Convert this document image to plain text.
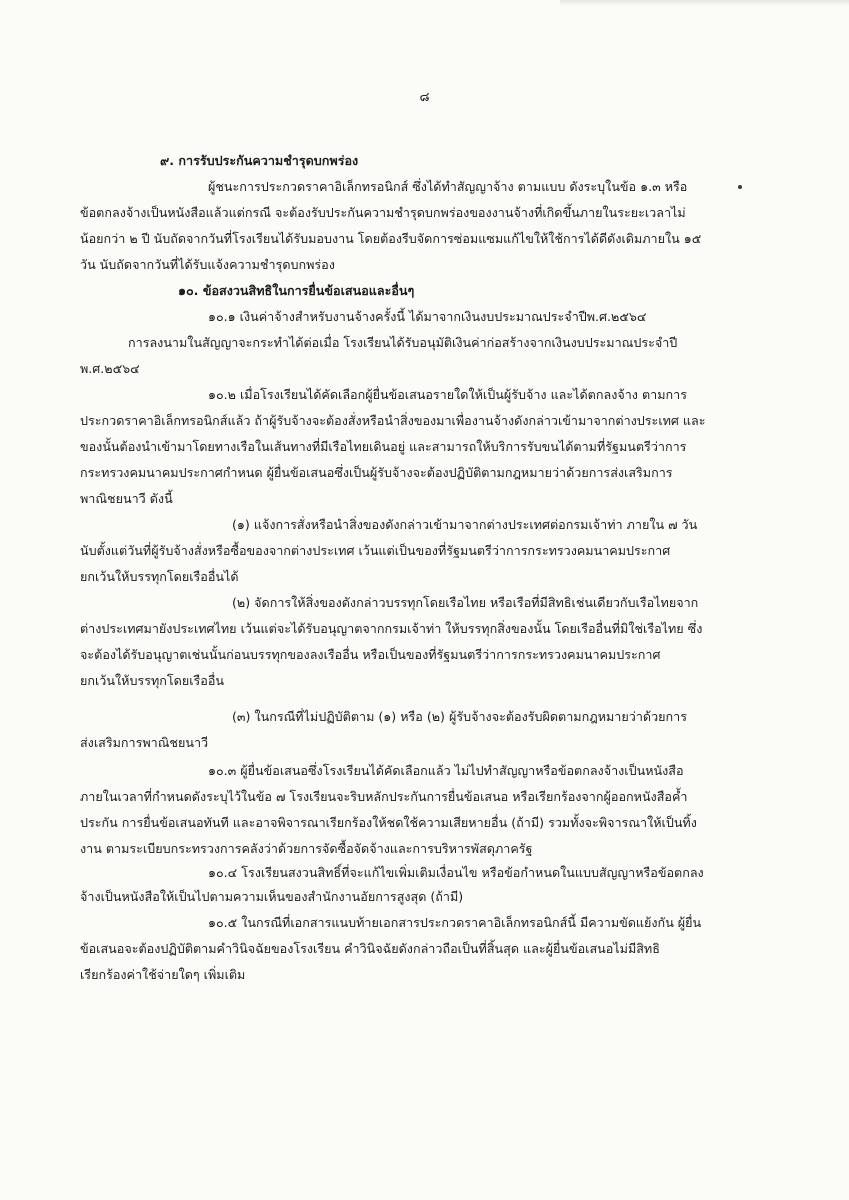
๘
๙. การรับประกันความชำรุดบกพร่อง
ผู้ชนะการประกวดราคาอิเล็กทรอนิกส์ ซึ่งได้ทำสัญญาจ้าง ตามแบบ ดังระบุในข้อ ๑.๓ หรือ
ข้อตกลงจ้างเป็นหนังสือแล้วแต่กรณี จะต้องรับประกันความชำรุดบกพร่องของงานจ้างที่เกิดขึ้นภายในระยะเวลาไม่
น้อยกว่า ๒ ปี นับถัดจากวันที่โรงเรียนได้รับมอบงาน โดยต้องรีบจัดการซ่อมแซมแก้ไขให้ใช้การได้ดีดังเดิมภายใน ๑๕
วัน นับถัดจากวันที่ได้รับแจ้งความชำรุดบกพร่อง
๑๐. ข้อสงวนสิทธิในการยื่นข้อเสนอและอื่นๆ
๑๐.๑ เงินค่าจ้างสำหรับงานจ้างครั้งนี้ ได้มาจากเงินงบประมาณประจำปีพ.ศ.๒๕๖๔
การลงนามในสัญญาจะกระทำได้ต่อเมื่อ โรงเรียนได้รับอนุมัติเงินค่าก่อสร้างจากเงินงบประมาณประจำปี
พ.ศ.๒๕๖๔
๑๐.๒ เมื่อโรงเรียนได้คัดเลือกผู้ยื่นข้อเสนอรายใดให้เป็นผู้รับจ้าง และได้ตกลงจ้าง ตามการ
ประกวดราคาอิเล็กทรอนิกส์แล้ว ถ้าผู้รับจ้างจะต้องสั่งหรือนำสิ่งของมาเพื่องานจ้างดังกล่าวเข้ามาจากต่างประเทศ และ
ของนั้นต้องนำเข้ามาโดยทางเรือในเส้นทางที่มีเรือไทยเดินอยู่ และสามารถให้บริการรับขนได้ตามที่รัฐมนตรีว่าการ
กระทรวงคมนาคมประกาศกำหนด ผู้ยื่นข้อเสนอซึ่งเป็นผู้รับจ้างจะต้องปฏิบัติตามกฎหมายว่าด้วยการส่งเสริมการ
พาณิชยนาวี ดังนี้
(๑) แจ้งการสั่งหรือนำสิ่งของดังกล่าวเข้ามาจากต่างประเทศต่อกรมเจ้าท่า ภายใน ๗ วัน
นับตั้งแต่วันที่ผู้รับจ้างสั่งหรือซื้อของจากต่างประเทศ เว้นแต่เป็นของที่รัฐมนตรีว่าการกระทรวงคมนาคมประกาศ
ยกเว้นให้บรรทุกโดยเรืออื่นได้
(๒) จัดการให้สิ่งของดังกล่าวบรรทุกโดยเรือไทย หรือเรือที่มีสิทธิเช่นเดียวกับเรือไทยจาก
ต่างประเทศมายังประเทศไทย เว้นแต่จะได้รับอนุญาตจากกรมเจ้าท่า ให้บรรทุกสิ่งของนั้น โดยเรืออื่นที่มิใช่เรือไทย ซึ่ง
จะต้องได้รับอนุญาตเช่นนั้นก่อนบรรทุกของลงเรืออื่น หรือเป็นของที่รัฐมนตรีว่าการกระทรวงคมนาคมประกาศ
ยกเว้นให้บรรทุกโดยเรืออื่น
(๓) ในกรณีที่ไม่ปฏิบัติตาม (๑) หรือ (๒) ผู้รับจ้างจะต้องรับผิดตามกฎหมายว่าด้วยการ
ส่งเสริมการพาณิชยนาวี
๑๐.๓ ผู้ยื่นข้อเสนอซึ่งโรงเรียนได้คัดเลือกแล้ว ไม่ไปทำสัญญาหรือข้อตกลงจ้างเป็นหนังสือ
ภายในเวลาที่กำหนดดังระบุไว้ในข้อ ๗ โรงเรียนจะริบหลักประกันการยื่นข้อเสนอ หรือเรียกร้องจากผู้ออกหนังสือค้ำ
ประกัน การยื่นข้อเสนอทันที และอาจพิจารณาเรียกร้องให้ชดใช้ความเสียหายอื่น (ถ้ามี) รวมทั้งจะพิจารณาให้เป็นทิ้ง
งาน ตามระเบียบกระทรวงการคลังว่าด้วยการจัดซื้อจัดจ้างและการบริหารพัสดุภาครัฐ
๑๐.๔ โรงเรียนสงวนสิทธิ์ที่จะแก้ไขเพิ่มเติมเงื่อนไข หรือข้อกำหนดในแบบสัญญาหรือข้อตกลง
จ้างเป็นหนังสือให้เป็นไปตามความเห็นของสำนักงานอัยการสูงสุด (ถ้ามี)
๑๐.๕ ในกรณีที่เอกสารแนบท้ายเอกสารประกวดราคาอิเล็กทรอนิกส์นี้ มีความขัดแย้งกัน ผู้ยื่น
ข้อเสนอจะต้องปฏิบัติตามคำวินิจฉัยของโรงเรียน คำวินิจฉัยดังกล่าวถือเป็นที่สิ้นสุด และผู้ยื่นข้อเสนอไม่มีสิทธิ
เรียกร้องค่าใช้จ่ายใดๆ เพิ่มเติม
